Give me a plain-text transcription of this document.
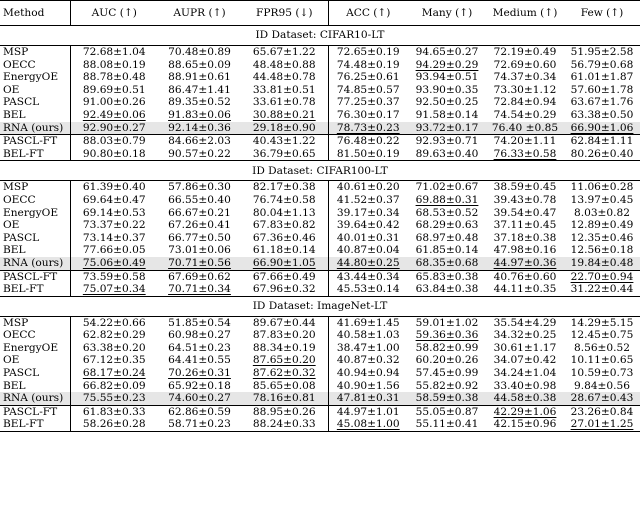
Method	AUC (↑)	AUPR (↑)	FPR95 (↓)	ACC (↑)	Many (↑)	Medium (↑)	Few (↑)
ID Dataset: CIFAR10-LT							
MSP	72.68±1.04	70.48±0.89	65.67±1.22	72.65±0.19	94.65±0.27	72.19±0.49	51.95±2.58
OECC	88.08±0.19	88.65±0.09	48.48±0.88	74.48±0.19	94.29±0.29	72.69±0.60	56.79±0.68
EnergyOE	88.78±0.48	88.91±0.61	44.48±0.78	76.25±0.61	93.94±0.51	74.37±0.34	61.01±1.87
OE	89.69±0.51	86.47±1.41	33.81±0.51	74.85±0.57	93.90±0.35	73.30±1.12	57.60±1.78
PASCL	91.00±0.26	89.35±0.52	33.61±0.78	77.25±0.37	92.50±0.25	72.84±0.94	63.67±1.76
BEL	92.49±0.06	91.83±0.06	30.88±0.21	76.30±0.17	91.58±0.14	74.54±0.29	63.38±0.50
RNA (ours)	92.90±0.27	92.14±0.36	29.18±0.90	78.73±0.23	93.72±0.17	76.40 ±0.85	66.90±1.06
PASCL-FT	88.03±0.79	84.66±2.03	40.43±1.22	76.48±0.22	92.93±0.71	74.20±1.11	62.84±1.11
BEL-FT	90.80±0.18	90.57±0.22	36.79±0.65	81.50±0.19	89.63±0.40	76.33±0.58	80.26±0.40
ID Dataset: CIFAR100-LT							
MSP	61.39±0.40	57.86±0.30	82.17±0.38	40.61±0.20	71.02±0.67	38.59±0.45	11.06±0.28
OECC	69.64±0.47	66.55±0.40	76.74±0.58	41.52±0.37	69.88±0.31	39.43±0.78	13.97±0.45
EnergyOE	69.14±0.53	66.67±0.21	80.04±1.13	39.17±0.34	68.53±0.52	39.54±0.47	8.03±0.82
OE	73.37±0.22	67.26±0.41	67.83±0.82	39.64±0.42	68.29±0.63	37.11±0.45	12.89±0.49
PASCL	73.14±0.37	66.77±0.50	67.36±0.46	40.01±0.31	68.97±0.48	37.18±0.38	12.35±0.46
BEL	77.66±0.05	73.01±0.06	61.18±0.14	40.87±0.04	61.85±0.14	47.98±0.16	12.56±0.18
RNA (ours)	75.06±0.49	70.71±0.56	66.90±1.05	44.80±0.25	68.35±0.68	44.97±0.36	19.84±0.48
PASCL-FT	73.59±0.58	67.69±0.62	67.66±0.49	43.44±0.34	65.83±0.38	40.76±0.60	22.70±0.94
BEL-FT	75.07±0.34	70.71±0.34	67.96±0.32	45.53±0.14	63.84±0.38	44.11±0.35	31.22±0.44
ID Dataset: ImageNet-LT							
MSP	54.22±0.66	51.85±0.54	89.67±0.44	41.69±1.45	59.01±1.02	35.54±4.29	14.29±5.15
OECC	62.82±0.29	60.98±0.27	87.83±0.20	40.58±1.03	59.36±0.36	34.32±0.25	12.45±0.75
EnergyOE	63.38±0.20	64.51±0.23	88.34±0.19	38.47±1.00	58.82±0.99	30.61±1.17	8.56±0.52
OE	67.12±0.35	64.41±0.55	87.65±0.20	40.87±0.32	60.20±0.26	34.07±0.42	10.11±0.65
PASCL	68.17±0.24	70.26±0.31	87.62±0.32	40.94±0.94	57.45±0.99	34.24±1.04	10.59±0.73
BEL	66.82±0.09	65.92±0.18	85.65±0.08	40.90±1.56	55.82±0.92	33.40±0.98	9.84±0.56
RNA (ours)	75.55±0.23	74.60±0.27	78.16±0.81	47.81±0.31	58.59±0.38	44.58±0.38	28.67±0.43
PASCL-FT	61.83±0.33	62.86±0.59	88.95±0.26	44.97±1.01	55.05±0.87	42.29±1.06	23.26±0.84
BEL-FT	58.26±0.28	58.71±0.23	88.24±0.33	45.08±1.00	55.11±0.41	42.15±0.96	27.01±1.25
